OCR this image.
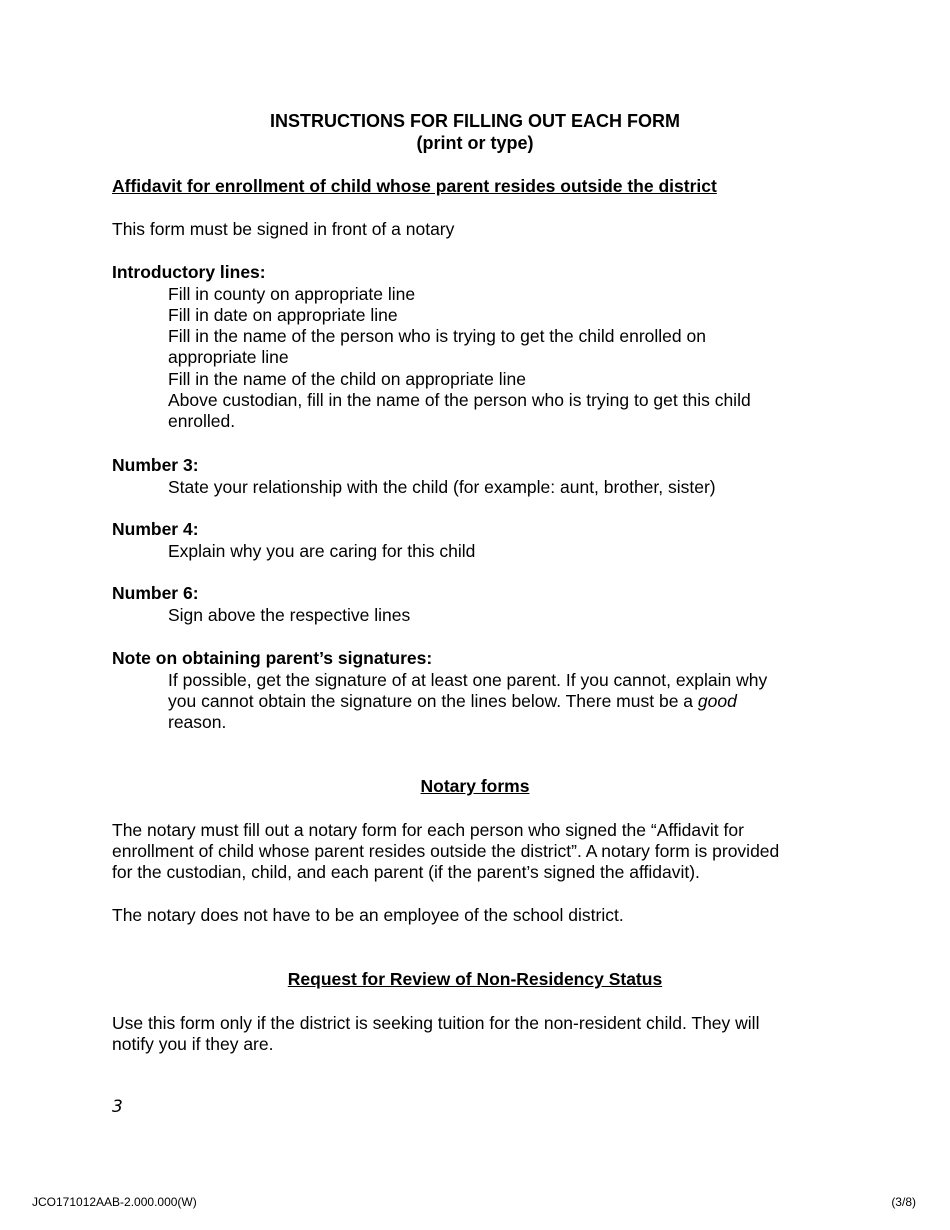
INSTRUCTIONS FOR FILLING OUT EACH FORM
(print or type)
Affidavit for enrollment of child whose parent resides outside the district
This form must be signed in front of a notary
Introductory lines:
Fill in county on appropriate line
Fill in date on appropriate line
Fill in the name of the person who is trying to get the child enrolled on
appropriate line
Fill in the name of the child on appropriate line
Above custodian, fill in the name of the person who is trying to get this child
enrolled.
Number 3:
State your relationship with the child (for example: aunt, brother, sister)
Number 4:
Explain why you are caring for this child
Number 6:
Sign above the respective lines
Note on obtaining parent’s signatures:
If possible, get the signature of at least one parent. If you cannot, explain why
you cannot obtain the signature on the lines below. There must be a good
reason.
Notary forms
The notary must fill out a notary form for each person who signed the “Affidavit for
enrollment of child whose parent resides outside the district”. A notary form is provided
for the custodian, child, and each parent (if the parent’s signed the affidavit).
The notary does not have to be an employee of the school district.
Request for Review of Non-Residency Status
Use this form only if the district is seeking tuition for the non-resident child. They will
notify you if they are.
3
JCO171012AAB-2.000.000(W)	(3/8)
